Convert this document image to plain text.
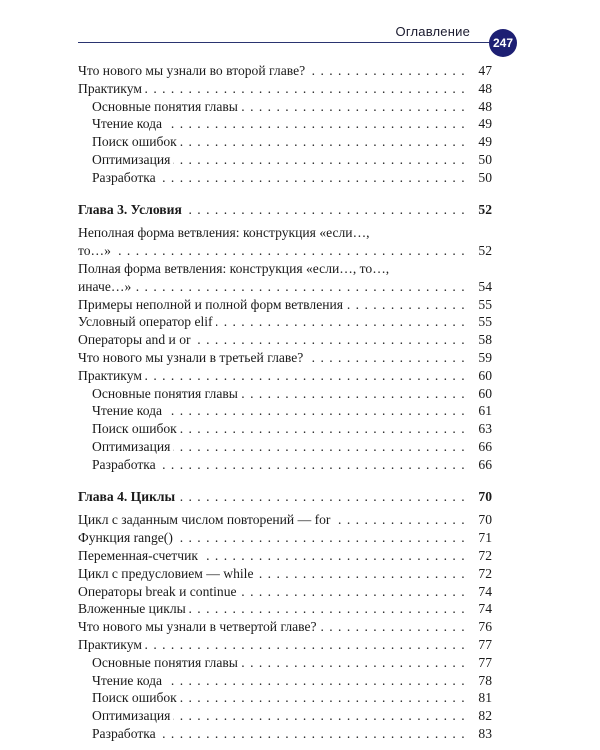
Оглавление
247
Что нового мы узнали во второй главе?	47
. . .
Практикум	48
. . .
Основные понятия главы	48
. . .
Чтение кода	49
. . .
Поиск ошибок	49
. . .
Оптимизация	50
. . .
Разработка	50
. . .
Глава 3. Условия	52
. . .
Неполная форма ветвления: конструкция «если…,
то…»	52
. . .
Полная форма ветвления: конструкция «если…, то…,
иначе…»	54
. . .
Примеры неполной и полной форм ветвления	55
. . .
Условный оператор elif	55
. . .
Операторы and и or	58
. . .
Что нового мы узнали в третьей главе?	59
. . .
Практикум	60
. . .
Основные понятия главы	60
. . .
Чтение кода	61
. . .
Поиск ошибок	63
. . .
Оптимизация	66
. . .
Разработка	66
. . .
Глава 4. Циклы	70
. . .
Цикл с заданным числом повторений — for	70
. . .
Функция range()	71
. . .
Переменная-счетчик	72
. . .
Цикл с предусловием — while	72
. . .
Операторы break и continue	74
. . .
Вложенные циклы	74
. . .
Что нового мы узнали в четвертой главе?	76
. . .
Практикум	77
. . .
Основные понятия главы	77
. . .
Чтение кода	78
. . .
Поиск ошибок	81
. . .
Оптимизация	82
. . .
Разработка	83
. . .
